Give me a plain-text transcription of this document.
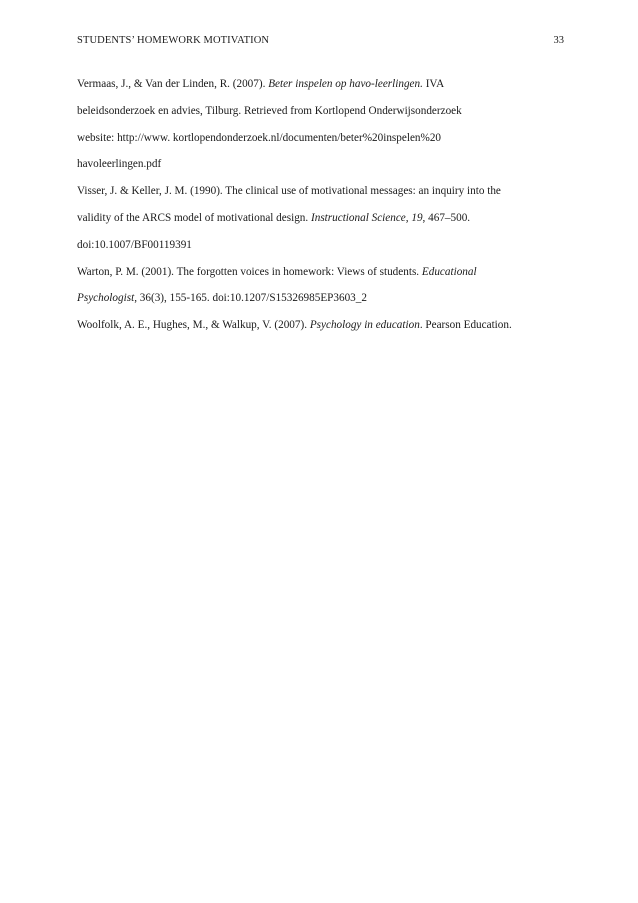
STUDENTS’ HOMEWORK MOTIVATION	33

Vermaas, J., & Van der Linden, R. (2007). Beter inspelen op havo-leerlingen. IVA
beleidsonderzoek en advies, Tilburg. Retrieved from Kortlopend Onderwijsonderzoek
website: http://www. kortlopendonderzoek.nl/documenten/beter%20inspelen%20
havoleerlingen.pdf

Visser, J. & Keller, J. M. (1990). The clinical use of motivational messages: an inquiry into the
validity of the ARCS model of motivational design. Instructional Science, 19, 467–500.
doi:10.1007/BF00119391

Warton, P. M. (2001). The forgotten voices in homework: Views of students. Educational
Psychologist, 36(3), 155-165. doi:10.1207/S15326985EP3603_2

Woolfolk, A. E., Hughes, M., & Walkup, V. (2007). Psychology in education. Pearson Education.
